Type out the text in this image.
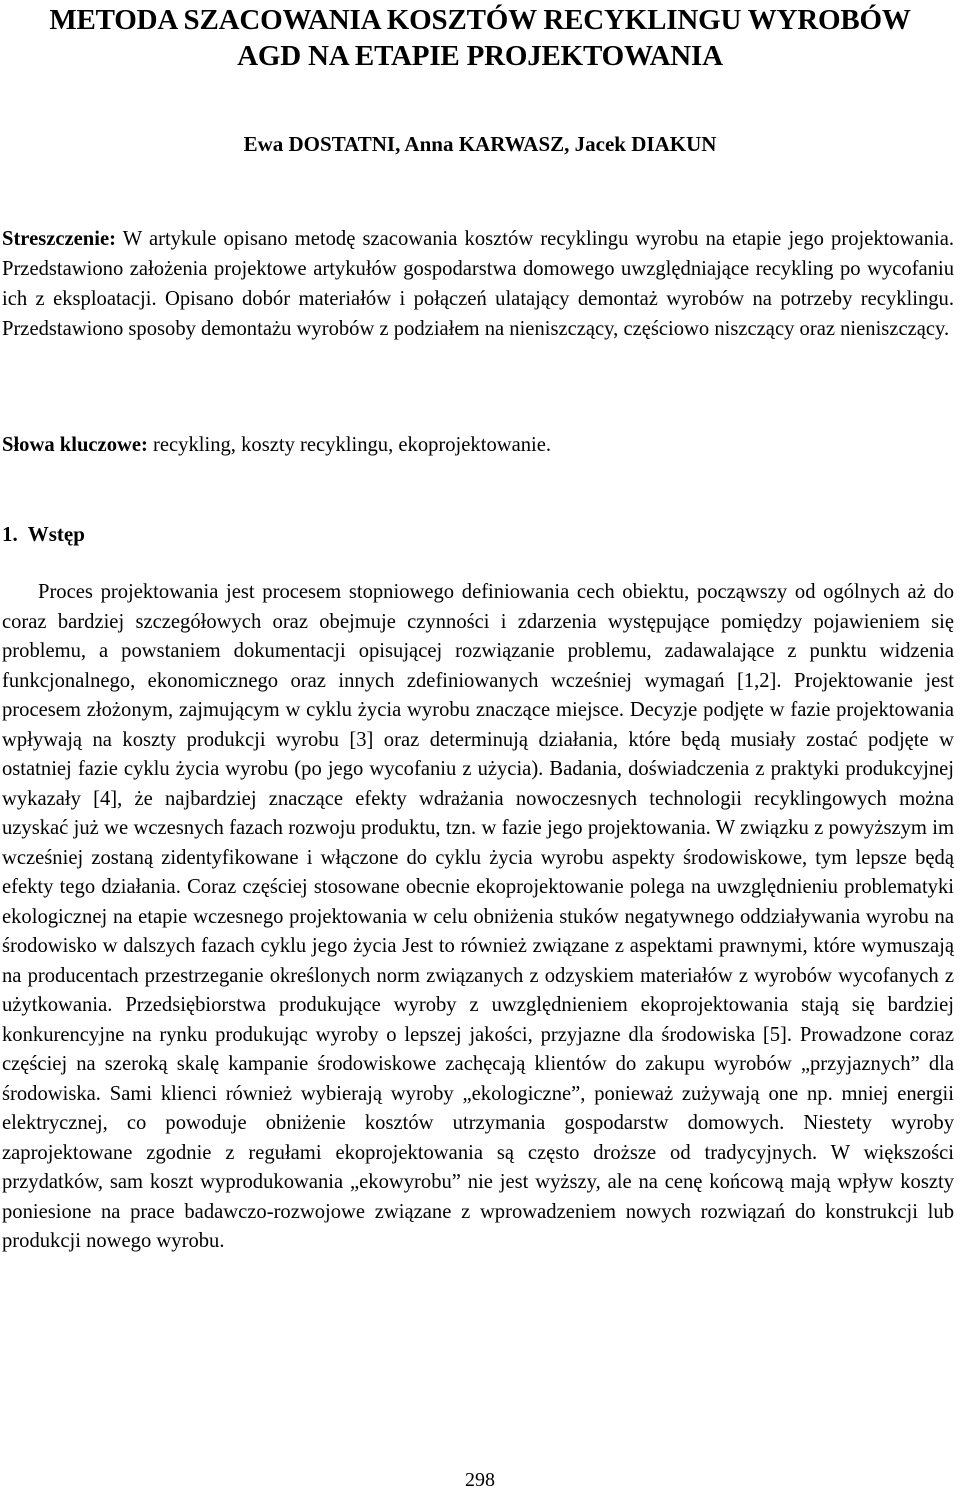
METODA SZACOWANIA KOSZTÓW RECYKLINGU WYROBÓW
AGD NA ETAPIE PROJEKTOWANIA
Ewa DOSTATNI, Anna KARWASZ, Jacek DIAKUN
Streszczenie: W artykule opisano metodę szacowania kosztów recyklingu wyrobu na etapie jego projektowania. Przedstawiono założenia projektowe artykułów gospodarstwa domowego uwzględniające recykling po wycofaniu ich z eksploatacji. Opisano dobór materiałów i połączeń ulatający demontaż wyrobów na potrzeby recyklingu. Przedstawiono sposoby demontażu wyrobów z podziałem na nieniszczący, częściowo niszczący oraz nieniszczący.
Słowa kluczowe: recykling, koszty recyklingu, ekoprojektowanie.
1. Wstęp
Proces projektowania jest procesem stopniowego definiowania cech obiektu, począwszy od ogólnych aż do coraz bardziej szczegółowych oraz obejmuje czynności i zdarzenia występujące pomiędzy pojawieniem się problemu, a powstaniem dokumentacji opisującej rozwiązanie problemu, zadawalające z punktu widzenia funkcjonalnego, ekonomicznego oraz innych zdefiniowanych wcześniej wymagań [1,2]. Projektowanie jest procesem złożonym, zajmującym w cyklu życia wyrobu znaczące miejsce. Decyzje podjęte w fazie projektowania wpływają na koszty produkcji wyrobu [3] oraz determinują działania, które będą musiały zostać podjęte w ostatniej fazie cyklu życia wyrobu (po jego wycofaniu z użycia). Badania, doświadczenia z praktyki produkcyjnej wykazały [4], że najbardziej znaczące efekty wdrażania nowoczesnych technologii recyklingowych można uzyskać już we wczesnych fazach rozwoju produktu, tzn. w fazie jego projektowania. W związku z powyższym im wcześniej zostaną zidentyfikowane i włączone do cyklu życia wyrobu aspekty środowiskowe, tym lepsze będą efekty tego działania. Coraz częściej stosowane obecnie ekoprojektowanie polega na uwzględnieniu problematyki ekologicznej na etapie wczesnego projektowania w celu obniżenia stuków negatywnego oddziaływania wyrobu na środowisko w dalszych fazach cyklu jego życia Jest to również związane z aspektami prawnymi, które wymuszają na producentach przestrzeganie określonych norm związanych z odzyskiem materiałów z wyrobów wycofanych z użytkowania. Przedsiębiorstwa produkujące wyroby z uwzględnieniem ekoprojektowania stają się bardziej konkurencyjne na rynku produkując wyroby o lepszej jakości, przyjazne dla środowiska [5]. Prowadzone coraz częściej na szeroką skalę kampanie środowiskowe zachęcają klientów do zakupu wyrobów „przyjaznych” dla środowiska. Sami klienci również wybierają wyroby „ekologiczne”, ponieważ zużywają one np. mniej energii elektrycznej, co powoduje obniżenie kosztów utrzymania gospodarstw domowych. Niestety wyroby zaprojektowane zgodnie z regułami ekoprojektowania są często droższe od tradycyjnych. W większości przydatków, sam koszt wyprodukowania „ekowyrobu” nie jest wyższy, ale na cenę końcową mają wpływ koszty poniesione na prace badawczo-rozwojowe związane z wprowadzeniem nowych rozwiązań do konstrukcji lub produkcji nowego wyrobu.
298
